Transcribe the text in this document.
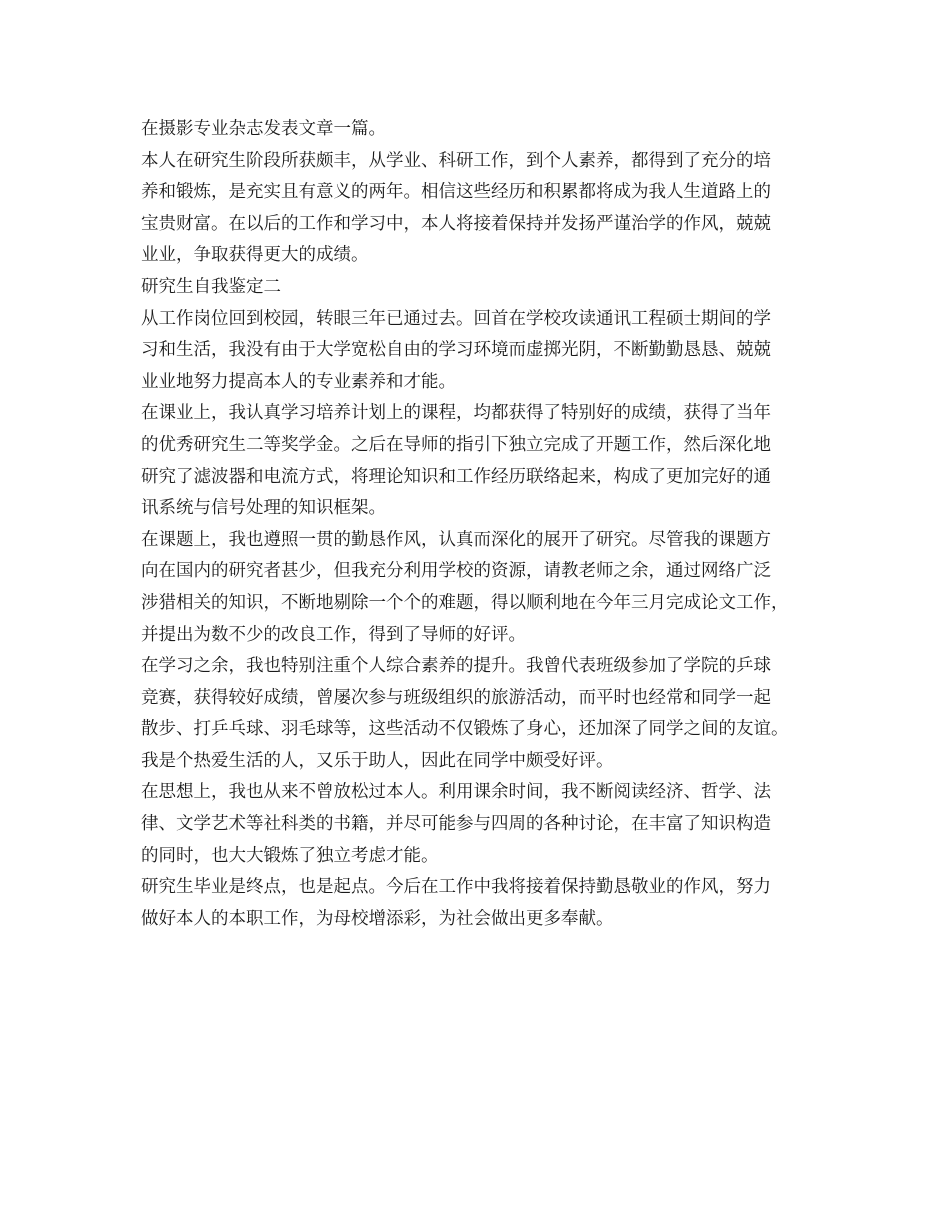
在摄影专业杂志发表文章一篇。
本人在研究生阶段所获颇丰，从学业、科研工作，到个人素养，都得到了充分的培
养和锻炼，是充实且有意义的两年。相信这些经历和积累都将成为我人生道路上的
宝贵财富。在以后的工作和学习中，本人将接着保持并发扬严谨治学的作风，兢兢
业业，争取获得更大的成绩。
研究生自我鉴定二
从工作岗位回到校园，转眼三年已通过去。回首在学校攻读通讯工程硕士期间的学
习和生活，我没有由于大学宽松自由的学习环境而虚掷光阴，不断勤勤恳恳、兢兢
业业地努力提高本人的专业素养和才能。
在课业上，我认真学习培养计划上的课程，均都获得了特别好的成绩，获得了当年
的优秀研究生二等奖学金。之后在导师的指引下独立完成了开题工作，然后深化地
研究了滤波器和电流方式，将理论知识和工作经历联络起来，构成了更加完好的通
讯系统与信号处理的知识框架。
在课题上，我也遵照一贯的勤恳作风，认真而深化的展开了研究。尽管我的课题方
向在国内的研究者甚少，但我充分利用学校的资源，请教老师之余，通过网络广泛
涉猎相关的知识，不断地剔除一个个的难题，得以顺利地在今年三月完成论文工作，
并提出为数不少的改良工作，得到了导师的好评。
在学习之余，我也特别注重个人综合素养的提升。我曾代表班级参加了学院的乒球
竞赛，获得较好成绩，曾屡次参与班级组织的旅游活动，而平时也经常和同学一起
散步、打乒乓球、羽毛球等，这些活动不仅锻炼了身心，还加深了同学之间的友谊。
我是个热爱生活的人，又乐于助人，因此在同学中颇受好评。
在思想上，我也从来不曾放松过本人。利用课余时间，我不断阅读经济、哲学、法
律、文学艺术等社科类的书籍，并尽可能参与四周的各种讨论，在丰富了知识构造
的同时，也大大锻炼了独立考虑才能。
研究生毕业是终点，也是起点。今后在工作中我将接着保持勤恳敬业的作风，努力
做好本人的本职工作，为母校增添彩，为社会做出更多奉献。
